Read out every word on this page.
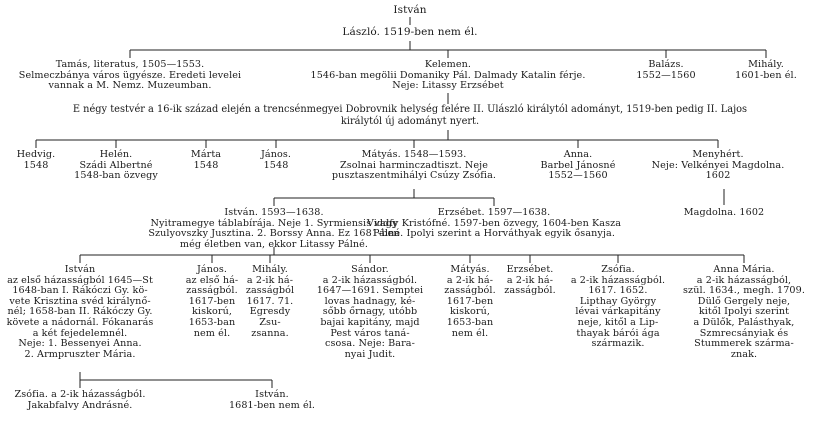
István
László. 1519-ben nem él.
Tamás, literatus, 1505—1553.
Selmeczbánya város ügyésze. Eredeti levelei
vannak a M. Nemz. Muzeumban.
Kelemen.
1546-ban megölii Domaniky Pál. Dalmady Katalin férje.
Neje: Litassy Erzsébet
Balázs.
1552—1560
Mihály.
1601-ben él.
E négy testvér a 16-ik század elején a trencsénmegyei Dobrovnik helység felére II. Ulászló királytól adományt, 1519-ben pedig II. Lajos
királytól új adományt nyert.
Hedvig.
1548
Helén.
Szádi Albertné
1548-ban özvegy
Márta
1548
János.
1548
Mátyás. 1548—1593.
Zsolnai harminczadtiszt. Neje
pusztaszentmihályi Csúzy Zsófia.
Anna.
Barbel Jánosné
1552—1560
Menyhért.
Neje: Velkényei Magdolna.
1602
István. 1593—1638.
Nyitramegye táblabírája. Neje 1. Syrmiensis vagy
Szulyovszky Jusztina. 2. Borssy Anna. Ez 1681-ben
még életben van, ekkor Litassy Pálné.
Erzsébet. 1597—1638.
Viddfy Kristófné. 1597-ben özvegy, 1604-ben Kasza
Pálné. Ipolyi szerint a Horváthyak egyik ősanyja.
Magdolna. 1602
István
az első házasságból 1645—St
1648-ban I. Rákóczi Gy. kö-
vete Krisztina svéd királynő-
nél; 1658-ban II. Rákóczy Gy.
követe a nádornál. Fókanarás
a két fejedelemnél.
Neje: 1. Bessenyei Anna.
2. Armpruszter Mária.
János.
az első há-
zasságból.
1617-ben
kiskorú,
1653-ban
nem él.
Mihály.
a 2-ik há-
zasságból
1617. 71.
Egresdy
Zsu-
zsanna.
Sándor.
a 2-ik házasságból.
1647—1691. Semptei
lovas hadnagy, ké-
sőbb őrnagy, utóbb
bajai kapitány, majd
Pest város taná-
csosa. Neje: Bara-
nyai Judit.
Mátyás.
a 2-ik há-
zasságból.
1617-ben
kiskorú,
1653-ban
nem él.
Erzsébet.
a 2-ik há-
zasságból.
Zsófia.
a 2-ik házasságból.
1617. 1652.
Lipthay György
lévai várkapitány
neje, kitől a Lip-
thayak bárói ága
származik.
Anna Mária.
a 2-ik házasságból,
szül. 1634., megh. 1709.
Dülő Gergely neje,
kitől Ipolyi szerint
a Dülők, Palásthyak,
Szmrecsányiak és
Stummerek szárma-
znak.
Zsófia. a 2-ik házasságból.
Jakabfalvy Andrásné.
István.
1681-ben nem él.
